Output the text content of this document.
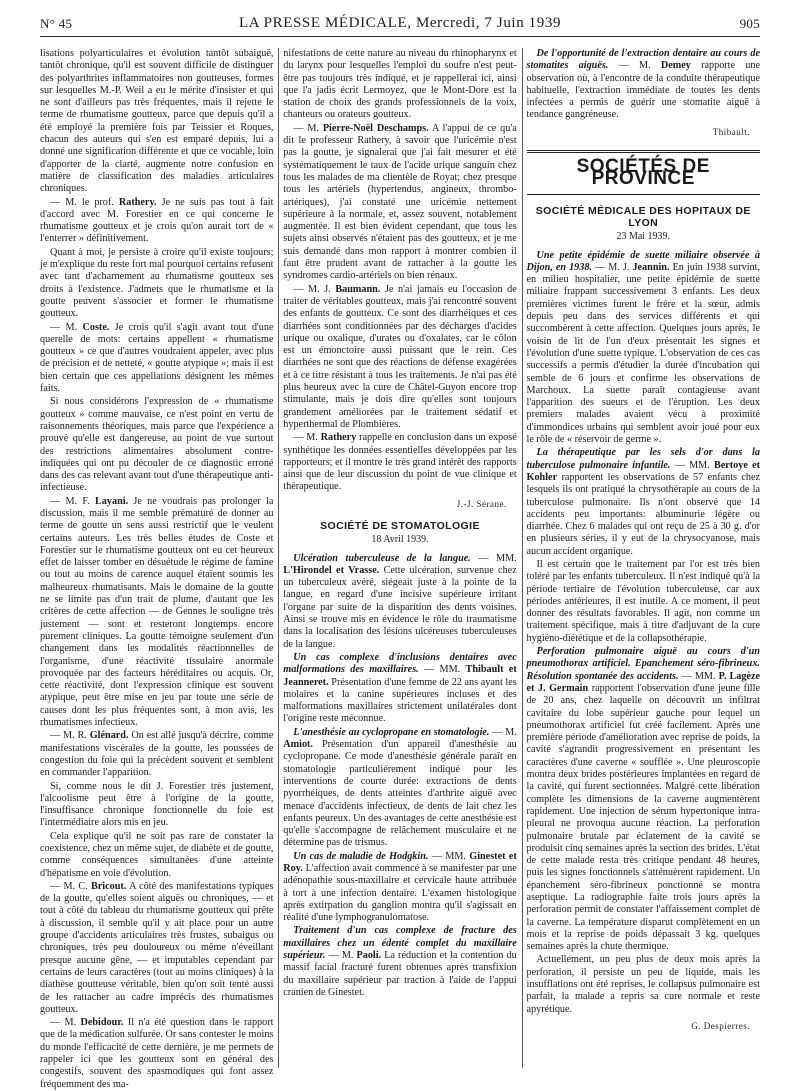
N° 45	LA PRESSE MÉDICALE, Mercredi, 7 Juin 1939	905

lisations polyarticulaires et évolution tantôt subaiguë, tantôt chronique, qu'il est souvent difficile de distinguer des polyarthrites inflammatoires non goutteuses, formes sur lesquelles M.-P. Weil a eu le mérite d'insister et qui ne sont d'ailleurs pas très fréquentes, mais il rejette le terme de rhumatisme goutteux, parce que depuis qu'il a été employé la première fois par Teissier et Roques, chacun des auteurs qui s'en est emparé depuis, lui a donné une signification différente et que ce vocable, loin d'apporter de la clarté, augmente notre confusion en matière de classification des maladies articulaires chroniques.

— M. le prof. Rathery. Je ne suis pas tout à fait d'accord avec M. Forestier en ce qui concerne le rhumatisme goutteux et je crois qu'on aurait tort de « l'enterrer » définitivement.

Quant à moi, je persiste à croire qu'il existe toujours; je m'explique du reste fort mal pourquoi certains refusent avec tant d'acharnement au rhumatisme goutteux ses droits à l'existence. J'admets que le rhumatisme et la goutte peuvent s'associer et former le rhumatisme goutteux.

— M. Coste. Je crois qu'il s'agit avant tout d'une querelle de mots: certains appellent « rhumatisme goutteux » ce que d'autres voudraient appeler, avec plus de précision et de netteté, « goutte atypique »; mais il est bien certain que ces appellations désignent les mêmes faits.

Si nous considérons l'expression de « rhumatisme goutteux » comme mauvaise, ce n'est point en vertu de raisonnements théoriques, mais parce que l'expérience a prouvé qu'elle est dangereuse, au point de vue surtout des restrictions alimentaires absolument contre-indiquées qui ont pu découler de ce diagnostic erroné dans des cas relevant avant tout d'une thérapeutique anti-infectieuse.

— M. F. Layani. Je ne voudrais pas prolonger la discussion, mais il me semble prématuré de donner au terme de goutte un sens aussi restrictif que le veulent certains auteurs. Les très belles études de Coste et Forestier sur le rhumatisme goutteux ont eu cet heureux effet de laisser tomber en désuétude le régime de famine ou tout au moins de carence auquel étaient soumis les malheureux rhumatisants. Mais le domaine de la goutte ne se limite pas d'un trait de plume, d'autant que les critères de cette affection — de Gennes le souligne très justement — sont et resteront longtemps encore purement cliniques. La goutte témoigne seulement d'un changement dans les modalités réactionnelles de l'organisme, d'une réactivité tissulaire anormale provoquée par des facteurs héréditaires ou acquis. Or, cette réactivité, dont l'expression clinique est souvent atypique, peut être mise en jeu par toute une série de causes dont les plus fréquentes sont, à mon avis, les rhumatismes infectieux.

— M. R. Glénard. On est allé jusqu'à décrire, comme manifestations viscérales de la goutte, les poussées de congestion du foie qui la précèdent souvent et semblent en commander l'apparition.

Si, comme nous le dit J. Forestier très justement, l'alcoolisme peut être à l'origine de la goutte, l'insuffisance chronique fonctionnelle du foie est l'intermédiaire alors mis en jeu.

Cela explique qu'il ne soit pas rare de constater la coexistence, chez un même sujet, de diabète et de goutte, comme conséquences simultanées d'une atteinte d'hépatisme en voie d'évolution.

— M. C. Bricout. A côté des manifestations typiques de la goutte, qu'elles soient aiguës ou chroniques, — et tout à côté du tableau du rhumatisme goutteux qui prête à discussion, il semble qu'il y ait place pour un autre groupe d'accidents articulaires très frustes, subaigus ou chroniques, très peu douloureux ou même n'éveillant presque aucune gêne, — et imputables cependant par certains de leurs caractères (tout au moins cliniques) à la diathèse goutteuse véritable, bien qu'on soit tenté aussi de les rattacher au cadre imprécis des rhumatismes goutteux.

— M. Debidour. Il n'a été question dans le rapport que de la médication sulfurée. Or sans contester le moins du monde l'efficacité de cette dernière, je me permets de rappeler ici que les goutteux sont en général des congestifs, souvent des spasmodiques qui font assez fréquemment des ma-

nifestations de cette nature au niveau du rhinopharynx et du larynx pour lesquelles l'emploi du soufre n'est peut-être pas toujours très indiqué, et je rappellerai ici, ainsi que l'a jadis écrit Lermoyez, que le Mont-Dore est la station de choix des grands professionnels de la voix, chanteurs ou orateurs goutteux.

— M. Pierre-Noël Deschamps. A l'appui de ce qu'a dit le professeur Rathery, à savoir que l'uricémie n'est pas la goutte, je signalerai que j'ai fait mesurer et été systématiquement le taux de l'acide urique sanguin chez tous les malades de ma clientèle de Royat; chez presque tous les artériels (hypertendus, angineux, thrombo-artériques), j'ai constaté une uricémie nettement supérieure à la normale, et, assez souvent, notablement augmentée. Il est bien évident cependant, que tous les sujets ainsi observés n'étaient pas des goutteux, et je me suis demandé dans mon rapport à montrer combien il faut être prudent avant de rattacher à la goutte les syndromes cardio-artériels ou bien rénaux.

— M. J. Baumann. Je n'ai jamais eu l'occasion de traiter de véritables goutteux, mais j'ai rencontré souvent des enfants de goutteux. Ce sont des diarrhéiques et ces diarrhées sont conditionnées par des décharges d'acides urique ou oxalique, d'urates ou d'oxalates, car le côlon est un émonctoire aussi puissant que le rein. Ces diarrhées ne sont que des réactions de défense exagérées et à ce titre résistant à tous les traitements. Je n'ai pas été plus heureux avec la cure de Châtel-Guyon encore trop stimulante, mais je dois dire qu'elles sont toujours grandement améliorées par le traitement sédatif et hyperthermal de Plombières.

— M. Rathery rappelle en conclusion dans un exposé synthétique les données essentielles développées par les rapporteurs; et il montre le très grand intérêt des rapports ainsi que de leur discussion du point de vue clinique et thérapeutique.

J.-J. Sérane.

SOCIÉTÉ DE STOMATOLOGIE
18 Avril 1939.

Ulcération tuberculeuse de la langue. — MM. L'Hirondel et Vrasse. Cette ulcération, survenue chez un tuberculeux avéré, siégeait juste à la pointe de la langue, en regard d'une incisive supérieure irritant l'organe par suite de la disparition des dents voisines. Ainsi se trouve mis en évidence le rôle du traumatisme dans la localisation des lésions ulcéreuses tuberculeuses de la langue.

Un cas complexe d'inclusions dentaires avec malformations des maxillaires. — MM. Thibault et Jeanneret. Présentation d'une femme de 22 ans ayant les molaires et la canine supérieures incluses et des malformations maxillaires strictement unilatérales dont l'origine reste méconnue.

L'anesthésie au cyclopropane en stomatologie. — M. Amiot. Présentation d'un appareil d'anesthésie au cyclopropane. Ce mode d'anesthésie générale paraît en stomatologie particulièrement indiqué pour les interventions de courte durée: extractions de dents pyorrhéiques, de dents atteintes d'arthrite aiguë avec menace d'accidents infectieux, de dents de lait chez les enfants peureux. Un des avantages de cette anesthésie est qu'elle s'accompagne de relâchement musculaire et ne détermine pas de trismus.

Un cas de maladie de Hodgkin. — MM. Ginestet et Roy. L'affection avait commencé à se manifester par une adénopathie sous-maxillaire et cervicale haute attribuée à tort à une infection dentaire. L'examen histologique après extirpation du ganglion montra qu'il s'agissait en réalité d'une lymphogranulomatose.

Traitement d'un cas complexe de fracture des maxillaires chez un édenté complet du maxillaire supérieur. — M. Paoli. La réduction et la contention du massif facial fracturé furent obtenues après transfixion du maxillaire supérieur par traction à l'aide de l'appui cranien de Ginestet.

De l'opportunité de l'extraction dentaire au cours de stomatites aiguës. — M. Demey rapporte une observation où, à l'encontre de la conduite thérapeutique habituelle, l'extraction immédiate de toutes les dents infectées a permis de guérir une stomatite aiguë à tendance gangréneuse.

Thibault.

SOCIÉTÉS DE PROVINCE
SOCIÉTÉ MÉDICALE DES HOPITAUX DE LYON
23 Mai 1939.

Une petite épidémie de suette miliaire observée à Dijon, en 1938. — M. J. Jeannin. En juin 1938 survint, en milieu hospitalier, une petite épidémie de suette miliaire frappant successivement 3 enfants. Les deux premières victimes furent le frère et la sœur, admis depuis peu dans des services différents et qui succombèrent à cette affection. Quelques jours après, le voisin de lit de l'un d'eux présentait les signes et l'évolution d'une suette typique. L'observation de ces cas successifs a permis d'étudier la durée d'incubation qui semble de 6 jours et confirme les observations de Marchoux. La suette paraît contagieuse avant l'apparition des sueurs et de l'éruption. Les deux premiers malades avaient vécu à proximité d'immondices urbains qui semblent avoir joué pour eux le rôle de « réservoir de germe ».

La thérapeutique par les sels d'or dans la tuberculose pulmonaire infantile. — MM. Bertoye et Kohler rapportent les observations de 57 enfants chez lesquels ils ont pratiqué la chrysothérapie au cours de la tuberculose pulmonaire. Ils n'ont observé que 14 accidents peu importants: albuminurie légère ou diarrhée. Chez 6 malades qui ont reçu de 25 à 30 g. d'or en plusieurs séries, il y eut de la chrysocyanose, mais aucun accident organique.

Il est certain que le traitement par l'or est très bien toléré par les enfants tuberculeux. Il n'est indiqué qu'à la période tertiaire de l'évolution tuberculeuse, car aux périodes antérieures, il est inutile. A ce moment, il peut donner des résultats favorables. Il agit, non comme un traitement spécifique, mais à titre d'adjuvant de la cure hygiéno-diététique et de la collapsothérapie.

Perforation pulmonaire aiguë au cours d'un pneumothorax artificiel. Epanchement séro-fibrineux. Résolution spontanée des accidents. — MM. P. Lagèze et J. Germain rapportent l'observation d'une jeune fille de 20 ans, chez laquelle on découvrit un infiltrat cavitaire du lobe supérieur gauche pour lequel un pneumothorax artificiel fut créé facilement. Après une première période d'amélioration avec reprise de poids, la cavité s'agrandit progressivement en présentant les caractères d'une caverne « soufflée ». Une pleuroscopie montra deux brides postérieures implantées en regard de la cavité, qui furent sectionnées. Malgré cette libération complète les dimensions de la caverne augmentèrent rapidement. Une injection de sérum hypertonique intra-pleural ne provoqua aucune réaction. La perforation pulmonaire brutale par éclatement de la cavité se produisit cinq semaines après la section des brides. L'état de cette malade resta très critique pendant 48 heures, puis les signes fonctionnels s'atténuèrent rapidement. Un épanchement séro-fibrineux ponctionné se montra aseptique. La radiographie faite trois jours après la perforation permit de constater l'affaissement complet de la caverne. La température disparut complètement en un mois et la reprise de poids dépassait 3 kg. quelques semaines après la chute thermique.

Actuellement, un peu plus de deux mois après la perforation, il persiste un peu de liquide, mais les insufflations ont été reprises, le collapsus pulmonaire est parfait, la malade a repris sa cure normale et reste apyrétique.

G. Despierres.
